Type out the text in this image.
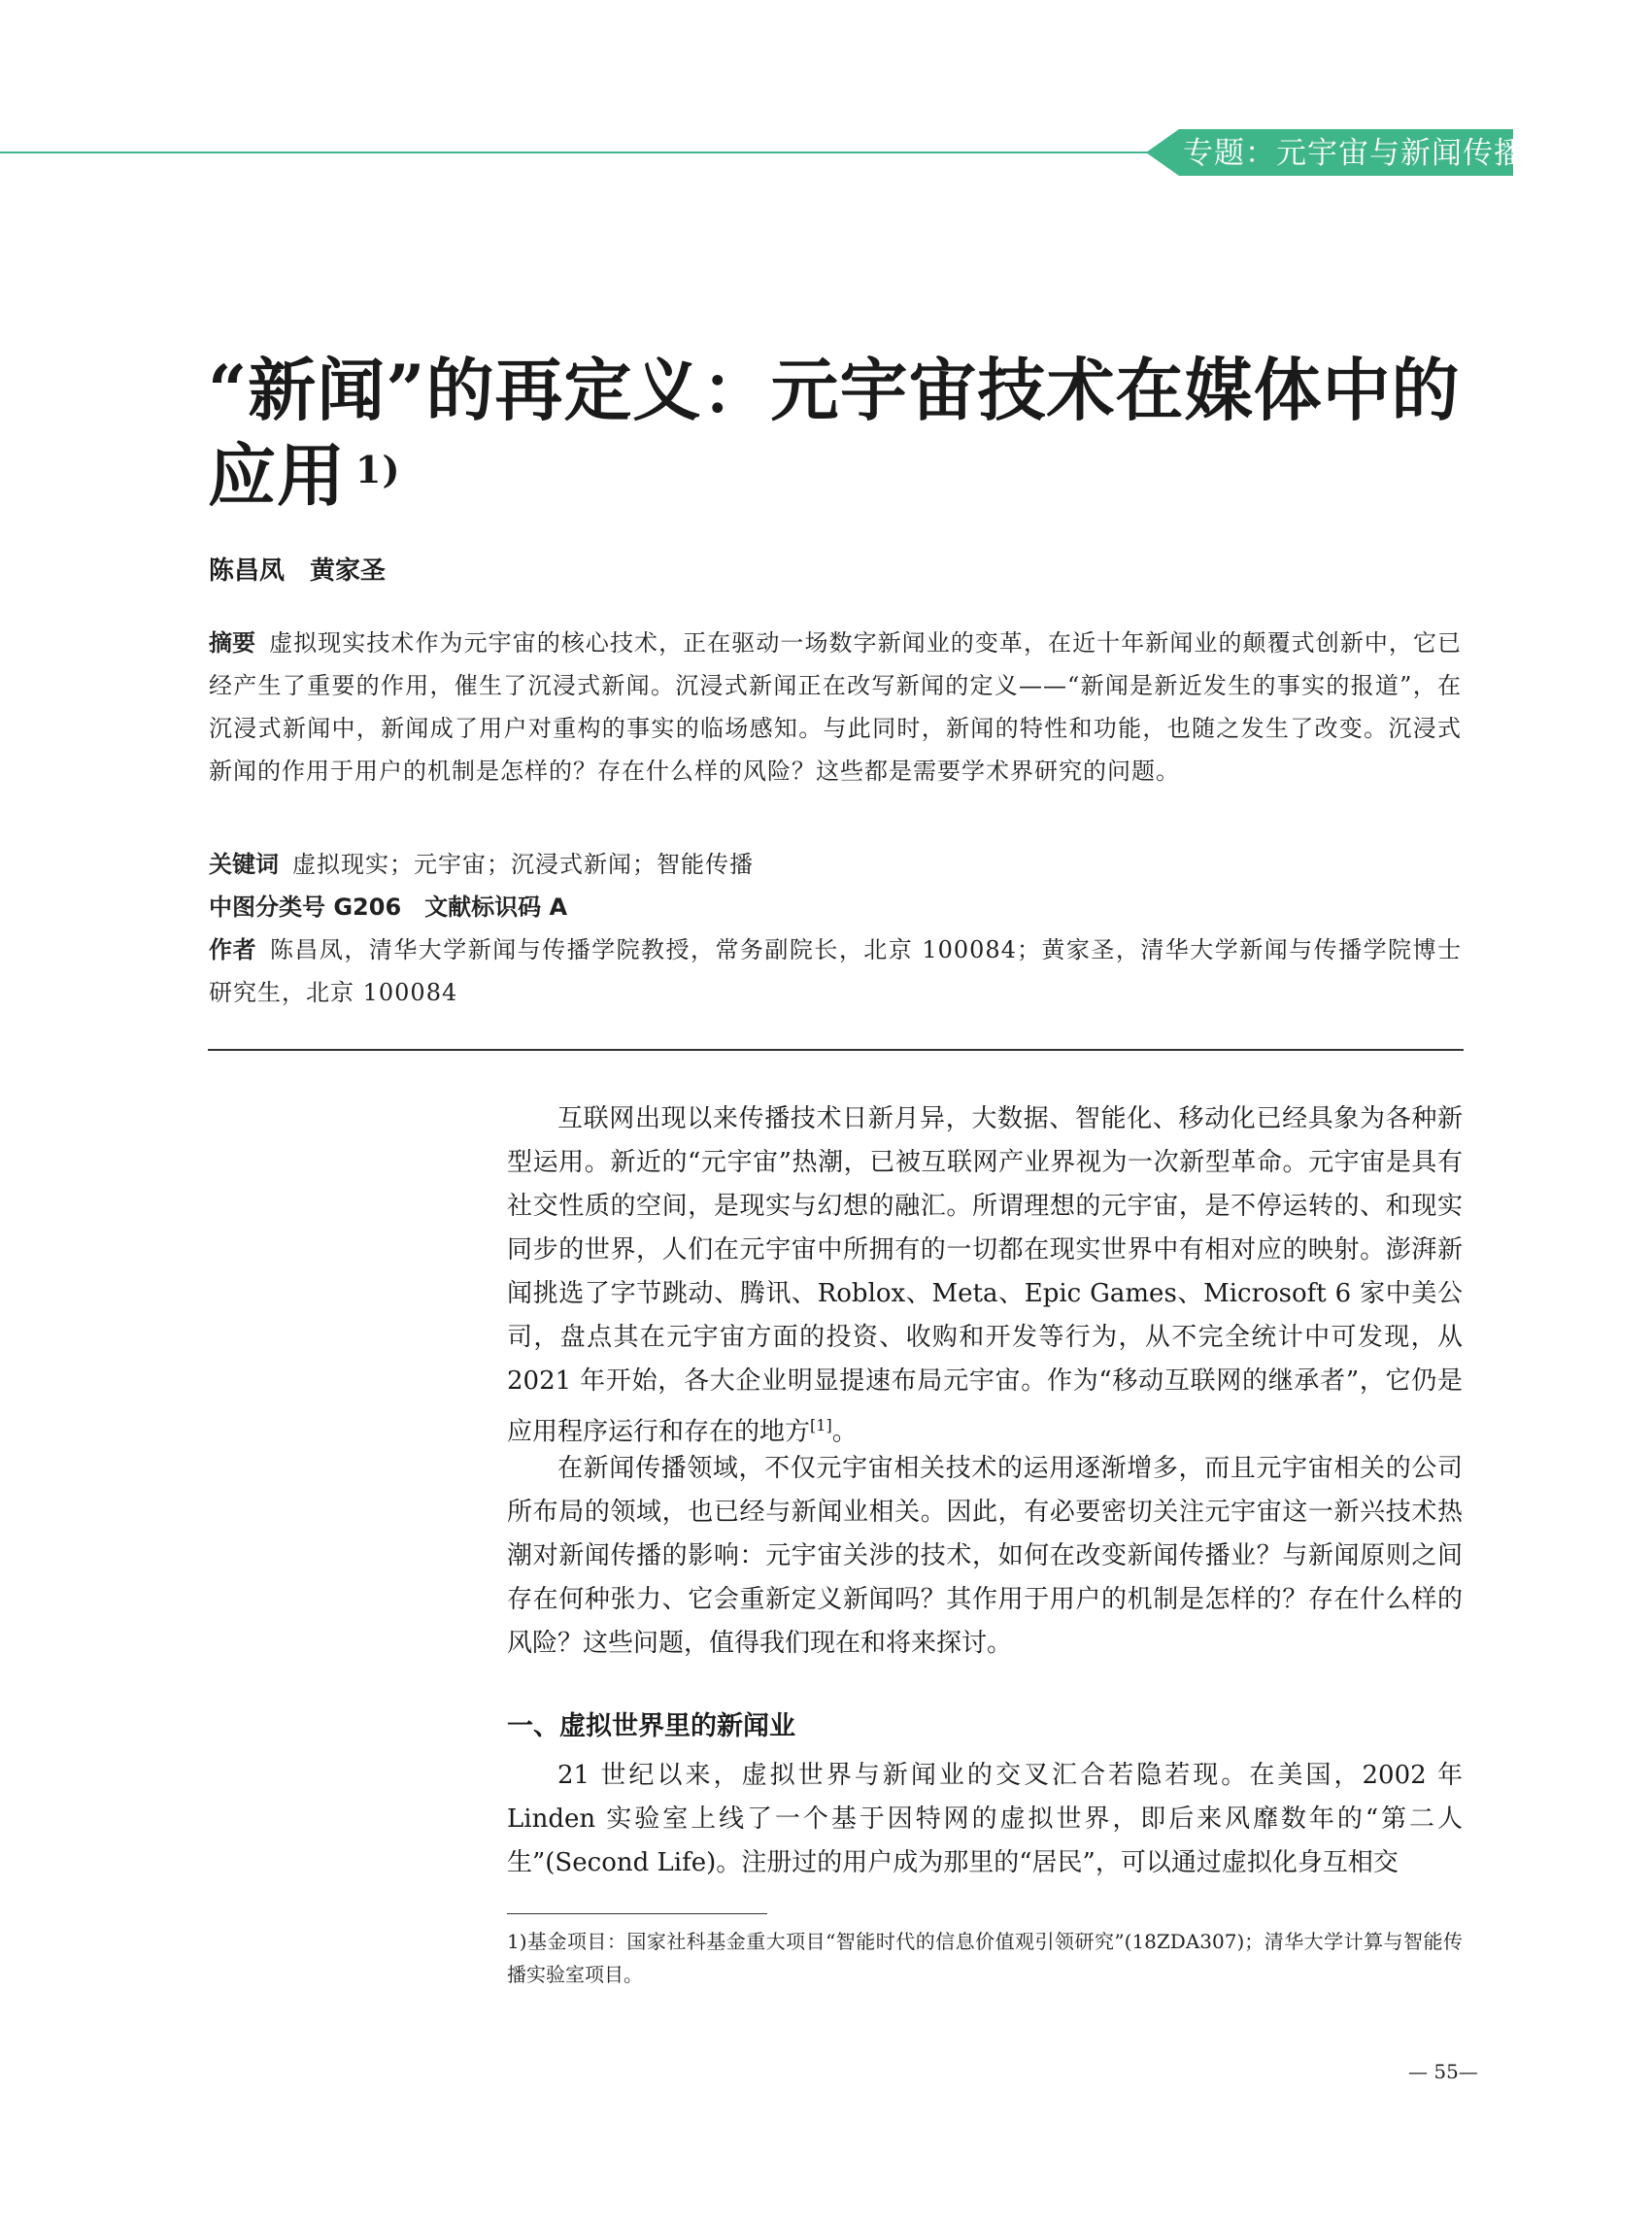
专题：元宇宙与新闻传播
“新闻”的再定义：元宇宙技术在媒体中的应用 $^{1)}$
陈昌凤　黄家圣

摘要 虚拟现实技术作为元宇宙的核心技术，正在驱动一场数字新闻业的变革，在近十年新闻业的颠覆式创新中，它已经产生了重要的作用，催生了沉浸式新闻。沉浸式新闻正在改写新闻的定义——“新闻是新近发生的事实的报道”，在沉浸式新闻中，新闻成了用户对重构的事实的临场感知。与此同时，新闻的特性和功能，也随之发生了改变。沉浸式新闻的作用于用户的机制是怎样的？存在什么样的风险？这些都是需要学术界研究的问题。

关键词 虚拟现实；元宇宙；沉浸式新闻；智能传播

中图分类号 G206　文献标识码 A

作者 陈昌凤，清华大学新闻与传播学院教授，常务副院长，北京 100084；黄家圣，清华大学新闻与传播学院博士研究生，北京 100084

互联网出现以来传播技术日新月异，大数据、智能化、移动化已经具象为各种新型运用。新近的“元宇宙”热潮，已被互联网产业界视为一次新型革命。元宇宙是具有社交性质的空间，是现实与幻想的融汇。所谓理想的元宇宙，是不停运转的、和现实同步的世界，人们在元宇宙中所拥有的一切都在现实世界中有相对应的映射。澎湃新闻挑选了字节跳动、腾讯、Roblox、Meta、Epic Games、Microsoft 6 家中美公司，盘点其在元宇宙方面的投资、收购和开发等行为，从不完全统计中可发现，从 2021 年开始，各大企业明显提速布局元宇宙。作为“移动互联网的继承者”，它仍是应用程序运行和存在的地方[1]。

在新闻传播领域，不仅元宇宙相关技术的运用逐渐增多，而且元宇宙相关的公司所布局的领域，也已经与新闻业相关。因此，有必要密切关注元宇宙这一新兴技术热潮对新闻传播的影响：元宇宙关涉的技术，如何在改变新闻传播业？与新闻原则之间存在何种张力、它会重新定义新闻吗？其作用于用户的机制是怎样的？存在什么样的风险？这些问题，值得我们现在和将来探讨。

一、虚拟世界里的新闻业

21 世纪以来，虚拟世界与新闻业的交叉汇合若隐若现。在美国，2002 年 Linden 实验室上线了一个基于因特网的虚拟世界，即后来风靡数年的“第二人生”(Second Life)。注册过的用户成为那里的“居民”，可以通过虚拟化身互相交

1)基金项目：国家社科基金重大项目“智能时代的信息价值观引领研究”(18ZDA307)；清华大学计算与智能传播实验室项目。

— 55—
